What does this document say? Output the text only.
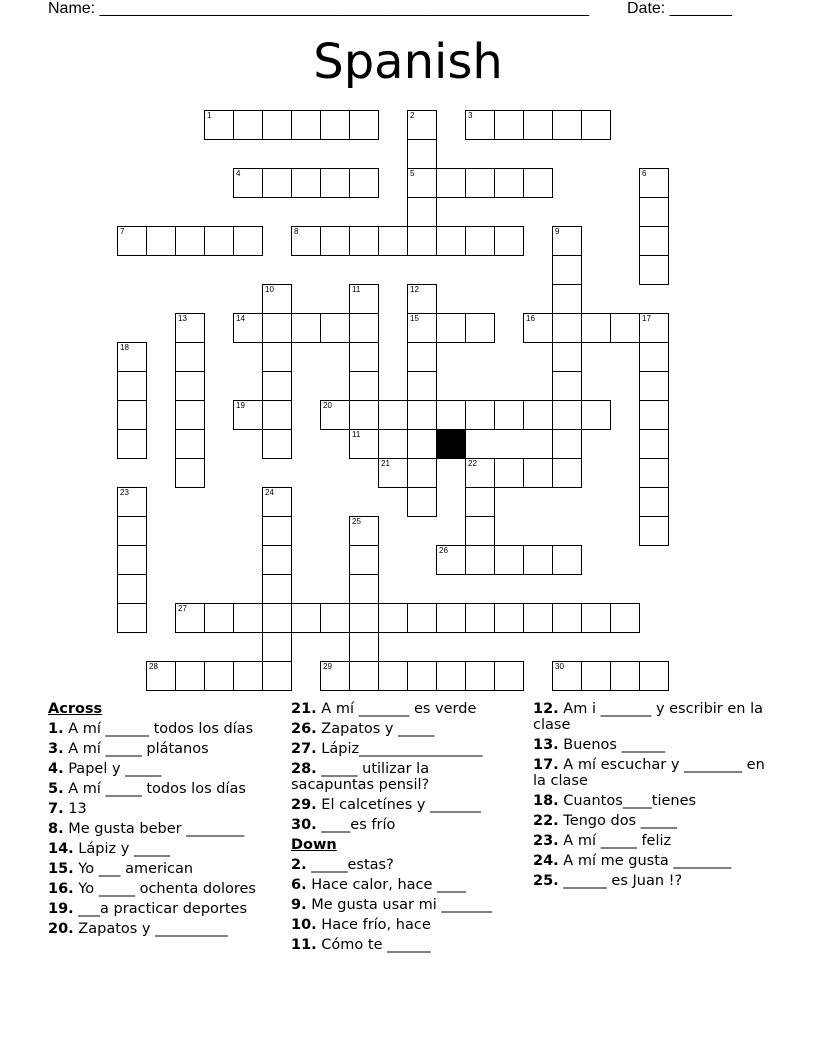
Name: _______________________________________________________

Date: _______

Spanish
1	3
4	5
7	8
14	15	16	17
19	20
21	22
26
27
28	29	30
2
6
9
10	11
11
12
13
18
23	24
25
Across
1. A mí ______ todos los días
3. A mí _____ plátanos
4. Papel y _____
5. A mí _____ todos los días
7. 13
8. Me gusta beber ________
14. Lápiz y _____
15. Yo ___ american
16. Yo _____ ochenta dolores
19. ___a practicar deportes
20. Zapatos y __________
21. A mí _______ es verde
26. Zapatos y _____
27. Lápiz_________________
28. _____ utilizar la sacapuntas pensil?
29. El calcetínes y _______
30. ____es frío
Down
2. _____estas?
6. Hace calor, hace ____
9. Me gusta usar mi _______
10. Hace frío, hace
11. Cómo te ______
12. Am i _______ y escribir en la clase
13. Buenos ______
17. A mí escuchar y ________ en la clase
18. Cuantos____tienes
22. Tengo dos _____
23. A mí _____ feliz
24. A mí me gusta ________
25. ______ es Juan !?
